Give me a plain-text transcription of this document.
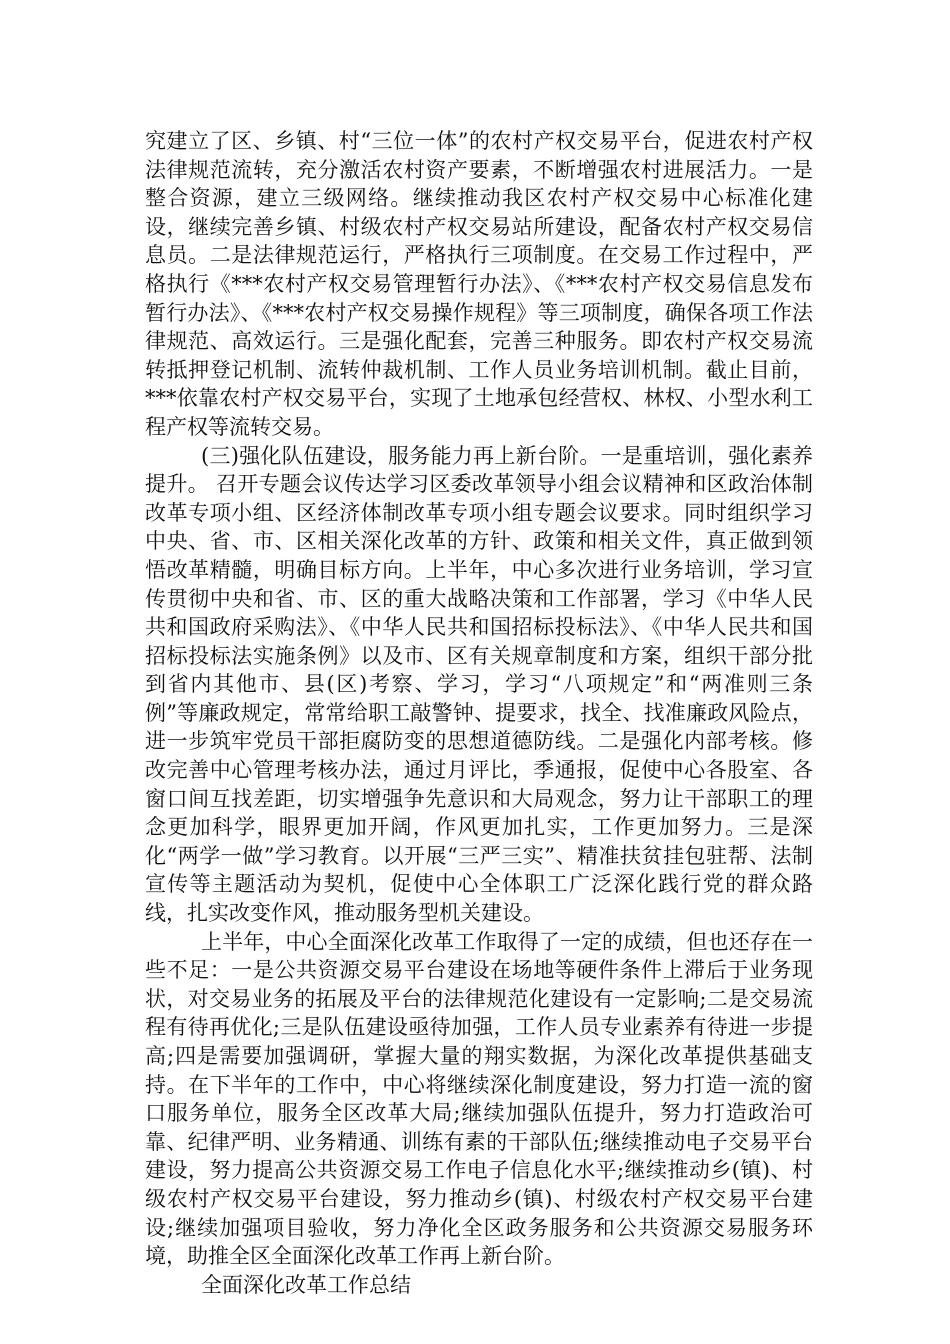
究建立了区、乡镇、村“三位一体”的农村产权交易平台，促进农村产权法律规范流转，充分激活农村资产要素，不断增强农村进展活力。一是整合资源，建立三级网络。继续推动我区农村产权交易中心标准化建设，继续完善乡镇、村级农村产权交易站所建设，配备农村产权交易信息员。二是法律规范运行，严格执行三项制度。在交易工作过程中，严格执行《***农村产权交易管理暂行办法》、《***农村产权交易信息发布暂行办法》、《***农村产权交易操作规程》等三项制度，确保各项工作法律规范、高效运行。三是强化配套，完善三种服务。即农村产权交易流转抵押登记机制、流转仲裁机制、工作人员业务培训机制。截止目前，***依靠农村产权交易平台，实现了土地承包经营权、林权、小型水利工程产权等流转交易。

(三)强化队伍建设，服务能力再上新台阶。一是重培训，强化素养提升。 召开专题会议传达学习区委改革领导小组会议精神和区政治体制改革专项小组、区经济体制改革专项小组专题会议要求。同时组织学习中央、省、市、区相关深化改革的方针、政策和相关文件，真正做到领悟改革精髓，明确目标方向。上半年，中心多次进行业务培训，学习宣传贯彻中央和省、市、区的重大战略决策和工作部署，学习《中华人民共和国政府采购法》、《中华人民共和国招标投标法》、《中华人民共和国招标投标法实施条例》以及市、区有关规章制度和方案，组织干部分批到省内其他市、县(区)考察、学习，学习“八项规定”和“两准则三条例”等廉政规定，常常给职工敲警钟、提要求，找全、找准廉政风险点，进一步筑牢党员干部拒腐防变的思想道德防线。二是强化内部考核。修改完善中心管理考核办法，通过月评比，季通报，促使中心各股室、各窗口间互找差距，切实增强争先意识和大局观念，努力让干部职工的理念更加科学，眼界更加开阔，作风更加扎实，工作更加努力。三是深化“两学一做”学习教育。以开展“三严三实”、精准扶贫挂包驻帮、法制宣传等主题活动为契机，促使中心全体职工广泛深化践行党的群众路线，扎实改变作风，推动服务型机关建设。

上半年，中心全面深化改革工作取得了一定的成绩，但也还存在一些不足：一是公共资源交易平台建设在场地等硬件条件上滞后于业务现状，对交易业务的拓展及平台的法律规范化建设有一定影响;二是交易流程有待再优化;三是队伍建设亟待加强，工作人员专业素养有待进一步提高;四是需要加强调研，掌握大量的翔实数据，为深化改革提供基础支持。在下半年的工作中，中心将继续深化制度建设，努力打造一流的窗口服务单位，服务全区改革大局;继续加强队伍提升，努力打造政治可靠、纪律严明、业务精通、训练有素的干部队伍;继续推动电子交易平台建设，努力提高公共资源交易工作电子信息化水平;继续推动乡(镇)、村级农村产权交易平台建设，努力推动乡(镇)、村级农村产权交易平台建设;继续加强项目验收，努力净化全区政务服务和公共资源交易服务环境，助推全区全面深化改革工作再上新台阶。

全面深化改革工作总结
